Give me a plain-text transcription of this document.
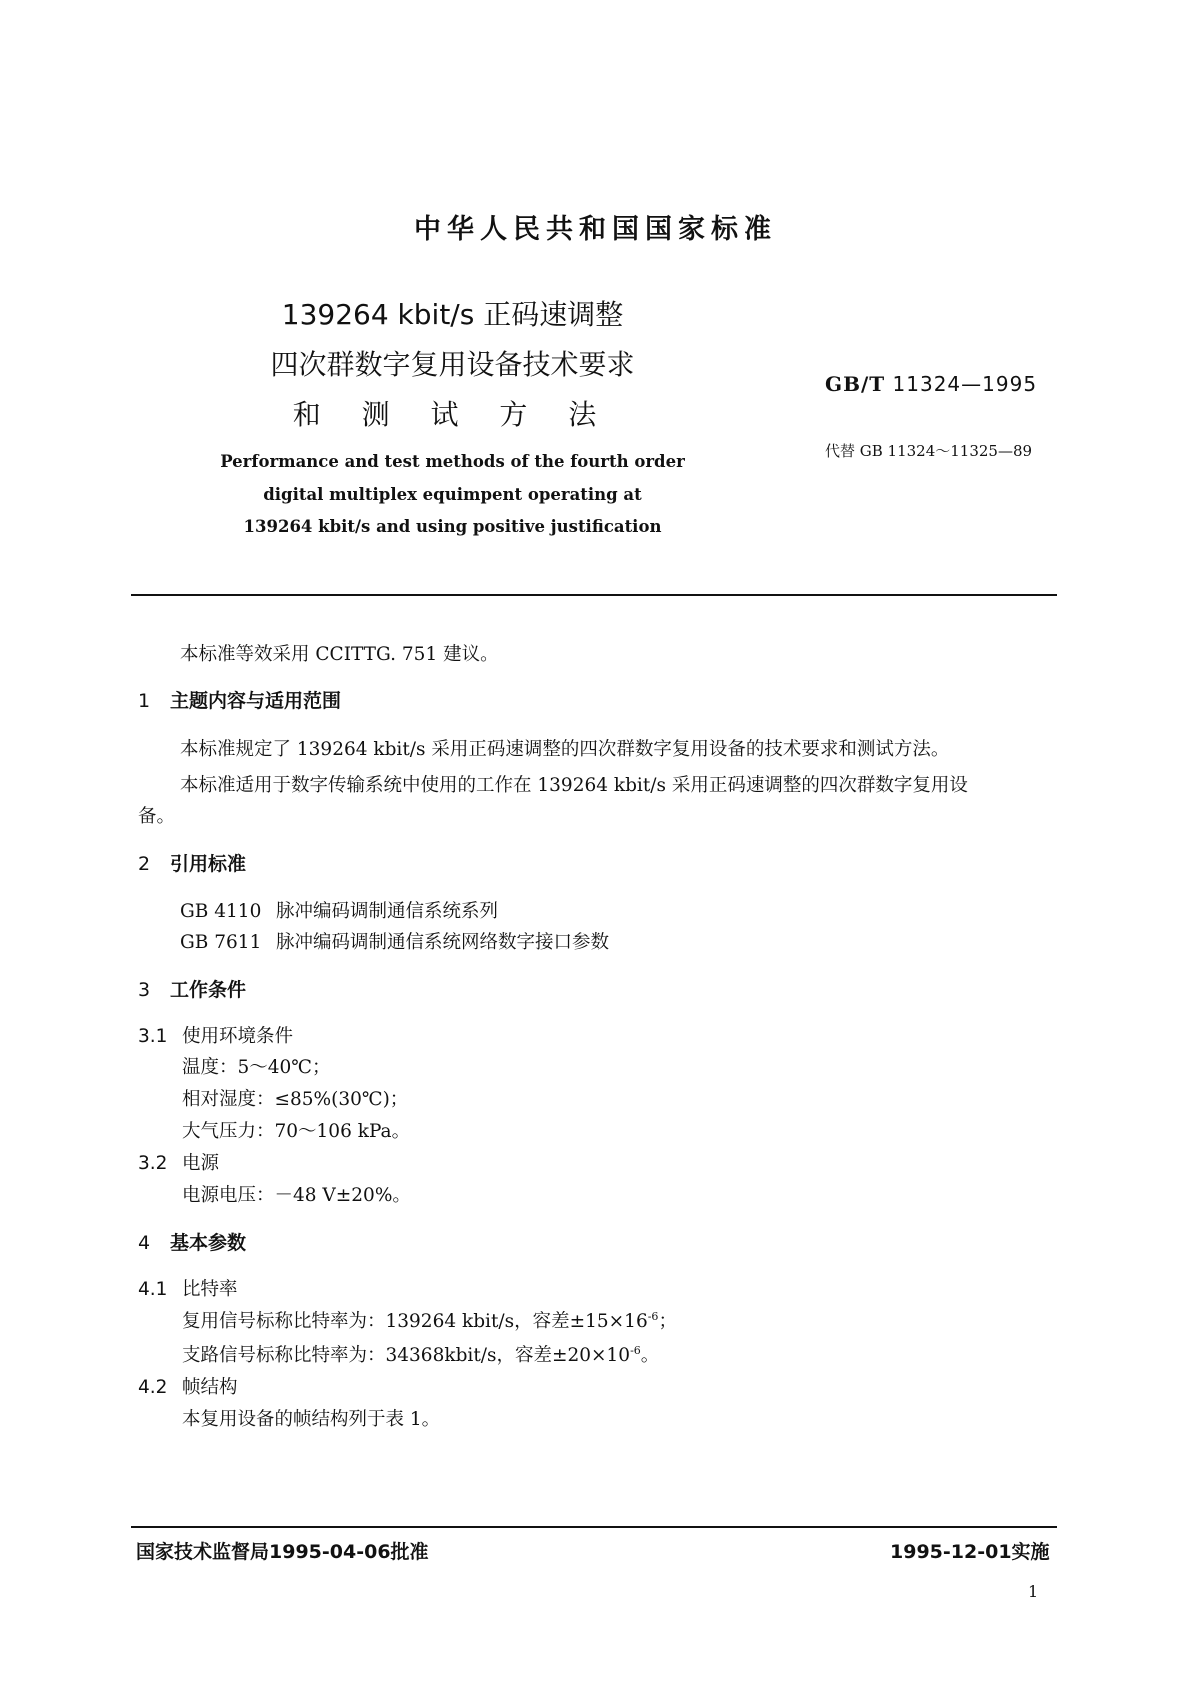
中华人民共和国国家标准
139264 kbit/s 正码速调整
四次群数字复用设备技术要求
和 测 试 方 法
Performance and test methods of the fourth order
digital multiplex equimpent operating at
139264 kbit/s and using positive justification
GB/T 11324—1995
代替 GB 11324～11325—89
本标准等效采用 CCITTG. 751 建议。
1 主题内容与适用范围
本标准规定了 139264 kbit/s 采用正码速调整的四次群数字复用设备的技术要求和测试方法。
本标准适用于数字传输系统中使用的工作在 139264 kbit/s 采用正码速调整的四次群数字复用设
备。
2 引用标准
GB 4110 脉冲编码调制通信系统系列
GB 7611 脉冲编码调制通信系统网络数字接口参数
3 工作条件
3.1 使用环境条件
温度：5～40℃；
相对湿度：≤85%(30℃)；
大气压力：70～106 kPa。
3.2 电源
电源电压：－48 V±20%。
4 基本参数
4.1 比特率
复用信号标称比特率为：139264 kbit/s，容差$\pm 15\times 16^{-6}$；
支路信号标称比特率为：34368kbit/s，容差$\pm 20\times 10^{-6}$。
4.2 帧结构
本复用设备的帧结构列于表 1。
国家技术监督局1995-04-06批准	1995-12-01实施
1
